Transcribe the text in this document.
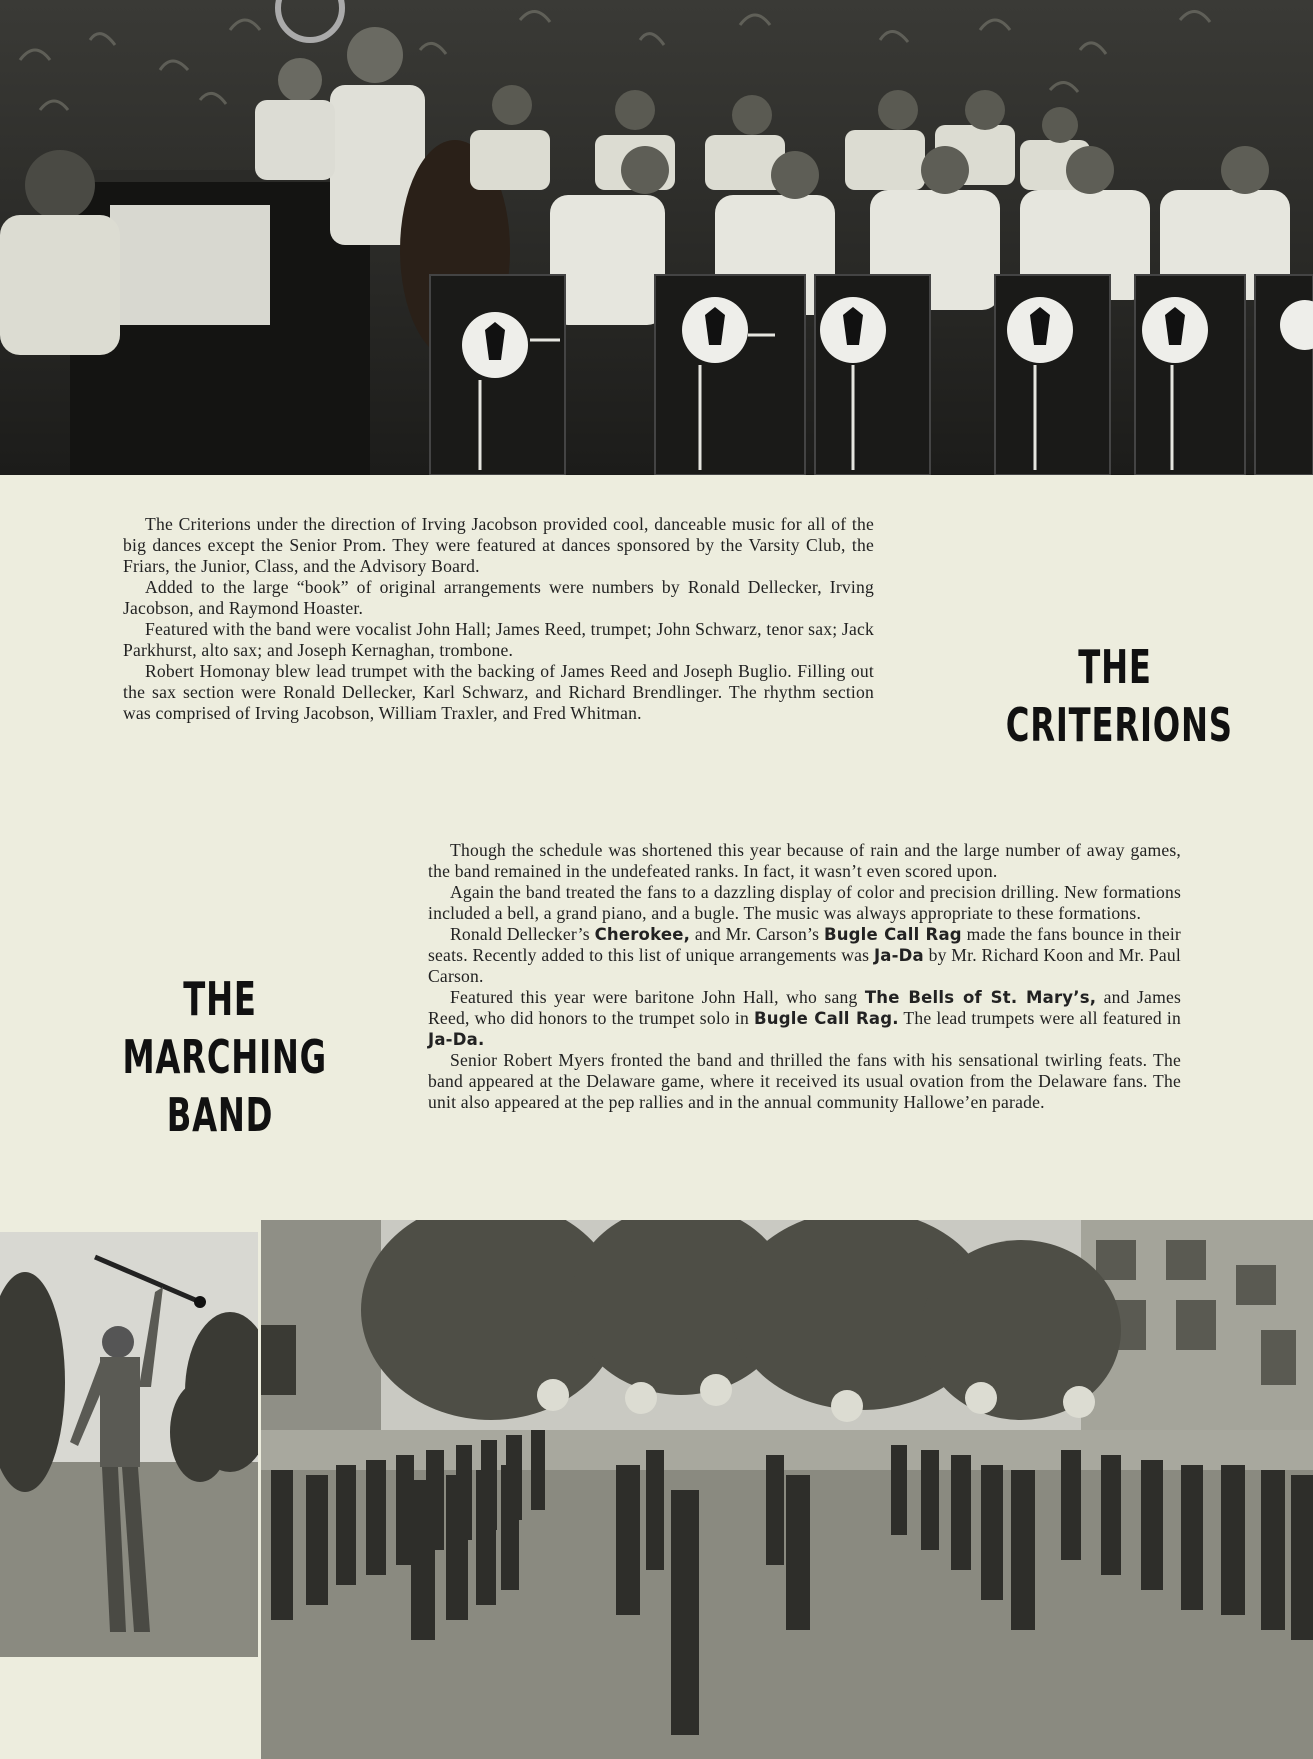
The Criterions under the direction of Irving Jacobson provided cool, danceable music for all of the big dances except the Senior Prom. They were featured at dances sponsored by the Varsity Club, the Friars, the Junior, Class, and the Advisory Board.

Added to the large “book” of original arrangements were numbers by Ronald Dellecker, Irving Jacobson, and Raymond Hoaster.

Featured with the band were vocalist John Hall; James Reed, trumpet; John Schwarz, tenor sax; Jack Parkhurst, alto sax; and Joseph Kernaghan, trombone.

Robert Homonay blew lead trumpet with the backing of James Reed and Joseph Buglio. Filling out the sax section were Ronald Dellecker, Karl Schwarz, and Richard Brendlinger. The rhythm section was comprised of Irving Jacobson, William Traxler, and Fred Whitman.

THE
CRITERIONS
THE
MARCHING
BAND

Though the schedule was shortened this year because of rain and the large number of away games, the band remained in the undefeated ranks. In fact, it wasn’t even scored upon.

Again the band treated the fans to a dazzling display of color and precision drilling. New formations included a bell, a grand piano, and a bugle. The music was always appropriate to these formations.

Ronald Dellecker’s Cherokee, and Mr. Carson’s Bugle Call Rag made the fans bounce in their seats. Recently added to this list of unique arrangements was Ja-Da by Mr. Richard Koon and Mr. Paul Carson.

Featured this year were baritone John Hall, who sang The Bells of St. Mary’s, and James Reed, who did honors to the trumpet solo in Bugle Call Rag. The lead trumpets were all featured in Ja-Da.

Senior Robert Myers fronted the band and thrilled the fans with his sensational twirling feats. The band appeared at the Delaware game, where it received its usual ovation from the Delaware fans. The unit also appeared at the pep rallies and in the annual community Hallowe’en parade.
